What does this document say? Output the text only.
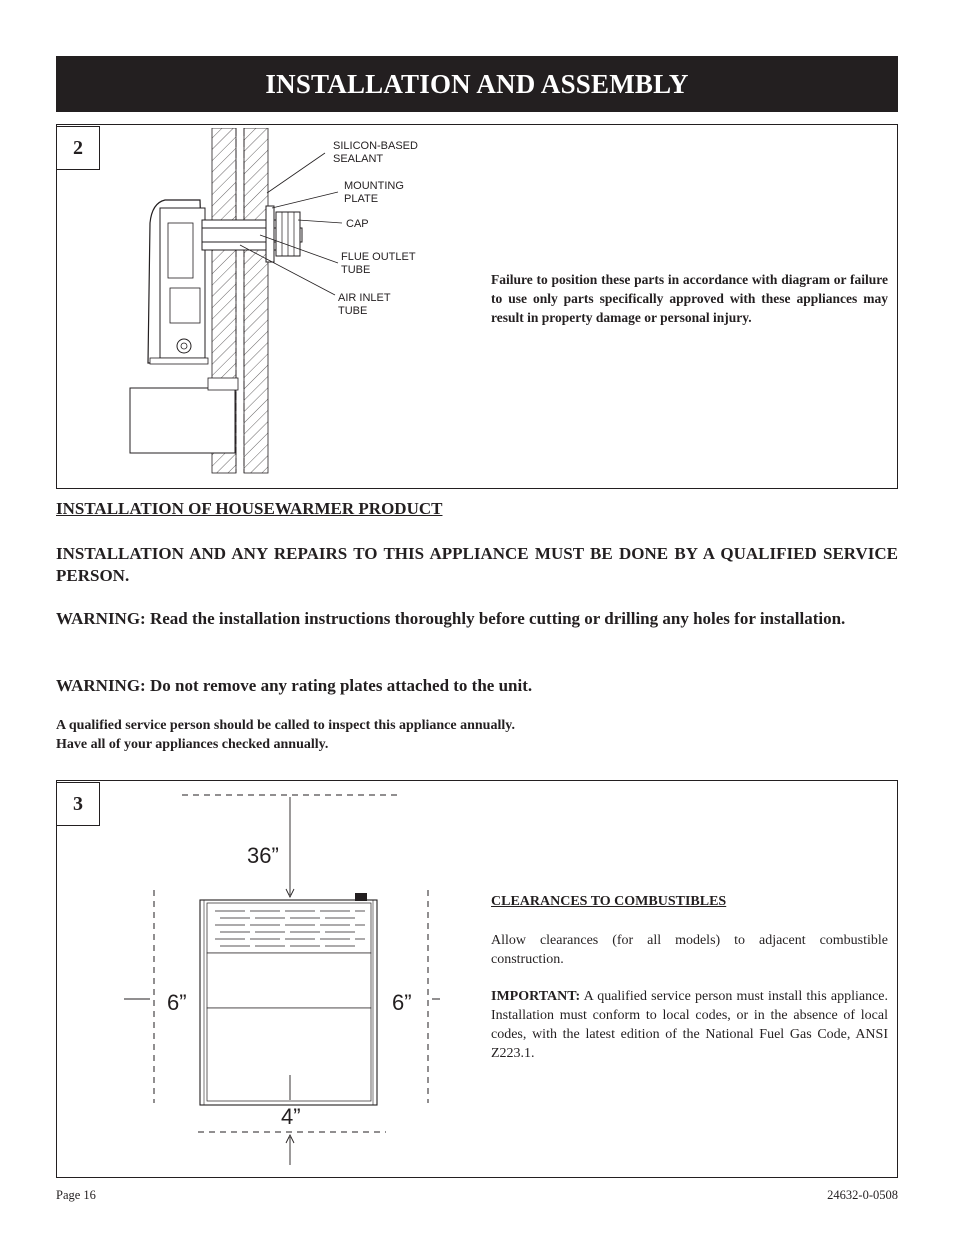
INSTALLATION AND ASSEMBLY
2	SILICON-BASED
SEALANT
MOUNTING
PLATE
CAP
FLUE OUTLET
TUBE
AIR INLET
TUBE
Failure to position these parts in accordance with diagram or failure to use only parts specifically approved with these appliances may result in property damage or personal injury.
INSTALLATION OF HOUSEWARMER PRODUCT
INSTALLATION AND ANY REPAIRS TO THIS APPLIANCE MUST BE DONE BY A QUALIFIED SERVICE PERSON.
WARNING: Read the installation instructions thoroughly before cutting or drilling any holes for installation.
WARNING: Do not remove any rating plates attached to the unit.
A qualified service person should be called to inspect this appliance annually.
Have all of your appliances checked annually.
3
36”
6”	6”
4”
CLEARANCES TO COMBUSTIBLES
Allow clearances (for all models) to adjacent combustible construction.
IMPORTANT: A qualified service person must install this appliance. Installation must conform to local codes, or in the absence of local codes, with the latest edition of the National Fuel Gas Code, ANSI Z223.1.
Page 16	24632-0-0508
